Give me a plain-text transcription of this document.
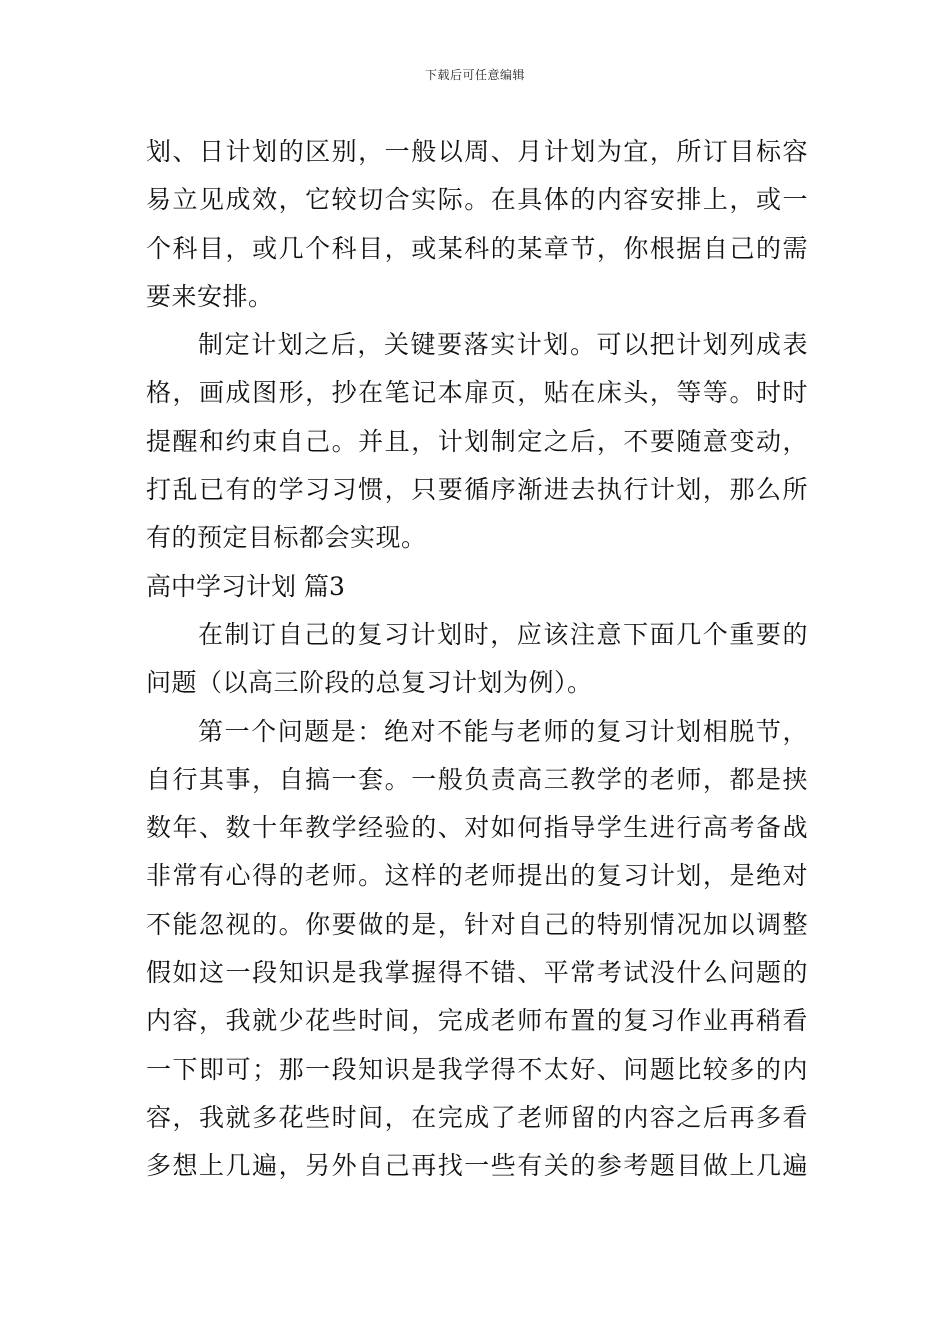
下载后可任意编辑
划、日计划的区别，一般以周、月计划为宜，所订目标容
易立见成效，它较切合实际。在具体的内容安排上，或一
个科目，或几个科目，或某科的某章节，你根据自己的需
要来安排。
制定计划之后，关键要落实计划。可以把计划列成表
格，画成图形，抄在笔记本扉页，贴在床头，等等。时时
提醒和约束自己。并且，计划制定之后，不要随意变动，
打乱已有的学习习惯，只要循序渐进去执行计划，那么所
有的预定目标都会实现。
高中学习计划 篇3
在制订自己的复习计划时，应该注意下面几个重要的
问题（以高三阶段的总复习计划为例）。
第一个问题是：绝对不能与老师的复习计划相脱节，
自行其事，自搞一套。一般负责高三教学的老师，都是挟
数年、数十年教学经验的、对如何指导学生进行高考备战
非常有心得的老师。这样的老师提出的复习计划，是绝对
不能忽视的。你要做的是，针对自己的特别情况加以调整
假如这一段知识是我掌握得不错、平常考试没什么问题的
内容，我就少花些时间，完成老师布置的复习作业再稍看
一下即可；那一段知识是我学得不太好、问题比较多的内
容，我就多花些时间，在完成了老师留的内容之后再多看
多想上几遍，另外自己再找一些有关的参考题目做上几遍
